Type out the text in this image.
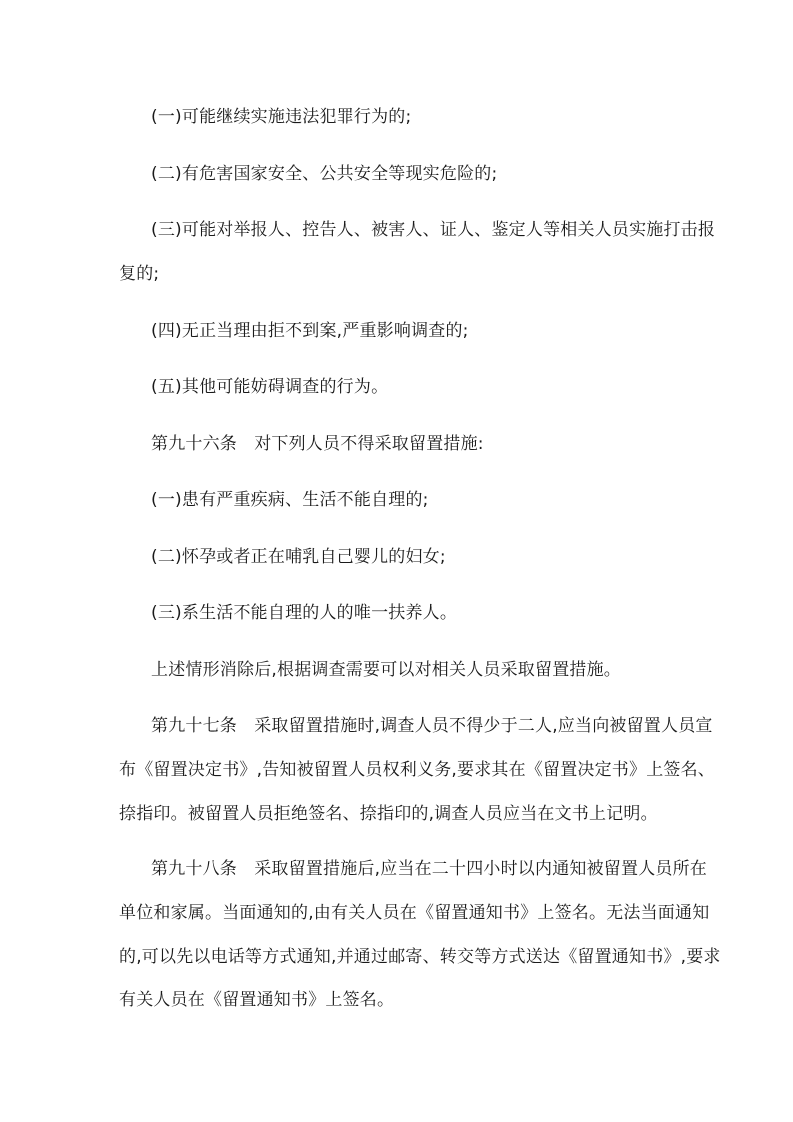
(一)可能继续实施违法犯罪行为的;
(二)有危害国家安全、公共安全等现实危险的;
(三)可能对举报人、控告人、被害人、证人、鉴定人等相关人员实施打击报
复的;
(四)无正当理由拒不到案,严重影响调查的;
(五)其他可能妨碍调查的行为。
第九十六条　对下列人员不得采取留置措施:
(一)患有严重疾病、生活不能自理的;
(二)怀孕或者正在哺乳自己婴儿的妇女;
(三)系生活不能自理的人的唯一扶养人。
上述情形消除后,根据调查需要可以对相关人员采取留置措施。
第九十七条　采取留置措施时,调查人员不得少于二人,应当向被留置人员宣
布《留置决定书》,告知被留置人员权利义务,要求其在《留置决定书》上签名、
捺指印。被留置人员拒绝签名、捺指印的,调查人员应当在文书上记明。
第九十八条　采取留置措施后,应当在二十四小时以内通知被留置人员所在
单位和家属。当面通知的,由有关人员在《留置通知书》上签名。无法当面通知
的,可以先以电话等方式通知,并通过邮寄、转交等方式送达《留置通知书》,要求
有关人员在《留置通知书》上签名。
